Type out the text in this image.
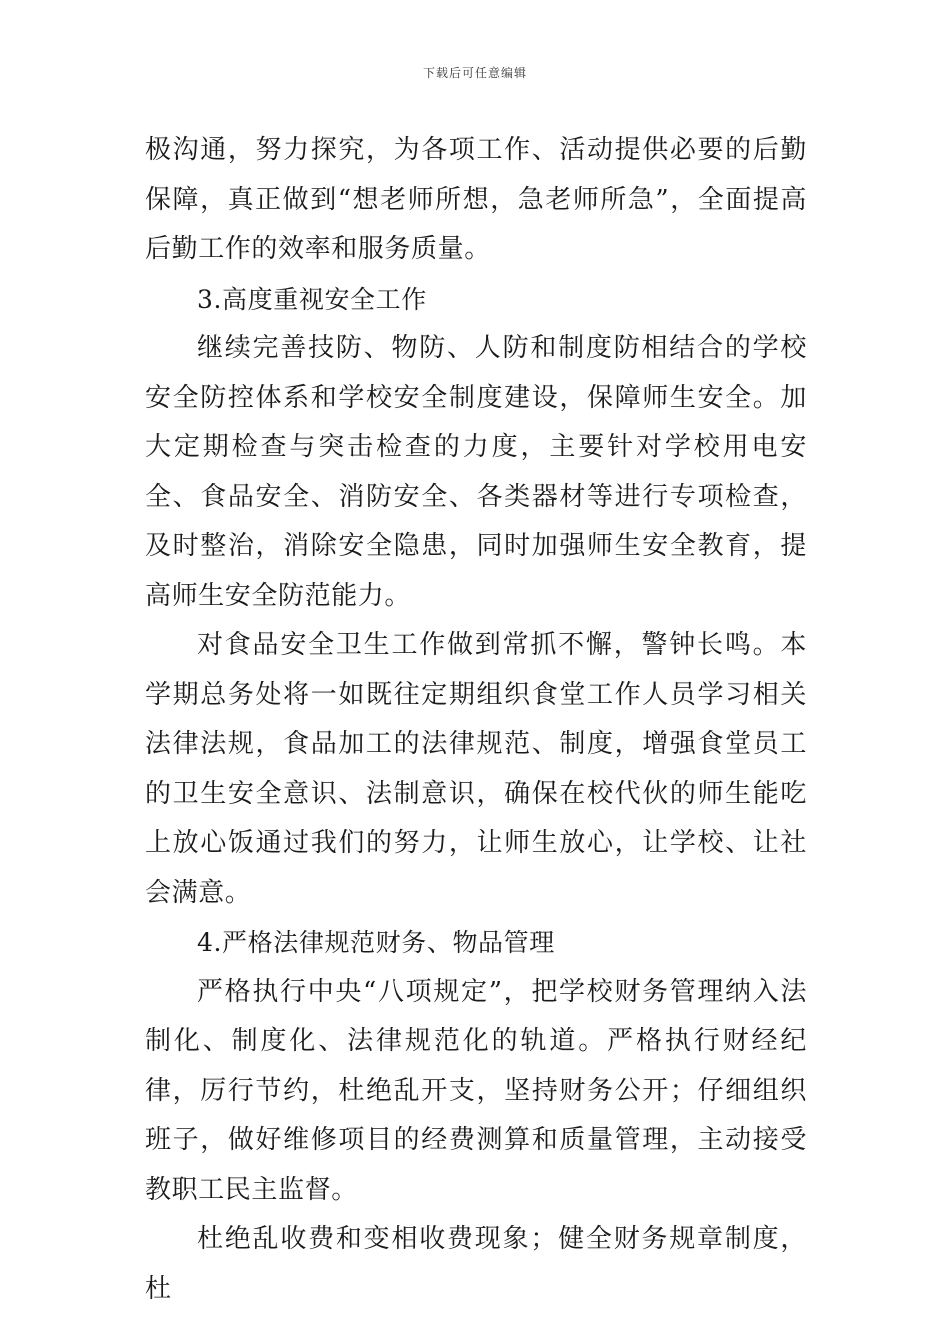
下载后可任意编辑

极沟通，努力探究，为各项工作、活动提供必要的后勤保障，真正做到“想老师所想，急老师所急”，全面提高后勤工作的效率和服务质量。

3.高度重视安全工作

继续完善技防、物防、人防和制度防相结合的学校安全防控体系和学校安全制度建设，保障师生安全。加大定期检查与突击检查的力度，主要针对学校用电安全、食品安全、消防安全、各类器材等进行专项检查，及时整治，消除安全隐患，同时加强师生安全教育，提高师生安全防范能力。

对食品安全卫生工作做到常抓不懈，警钟长鸣。本学期总务处将一如既往定期组织食堂工作人员学习相关法律法规，食品加工的法律规范、制度，增强食堂员工的卫生安全意识、法制意识，确保在校代伙的师生能吃上放心饭通过我们的努力，让师生放心，让学校、让社会满意。

4.严格法律规范财务、物品管理

严格执行中央“八项规定”，把学校财务管理纳入法制化、制度化、法律规范化的轨道。严格执行财经纪律，厉行节约，杜绝乱开支，坚持财务公开；仔细组织班子，做好维修项目的经费测算和质量管理，主动接受教职工民主监督。

杜绝乱收费和变相收费现象；健全财务规章制度，杜
